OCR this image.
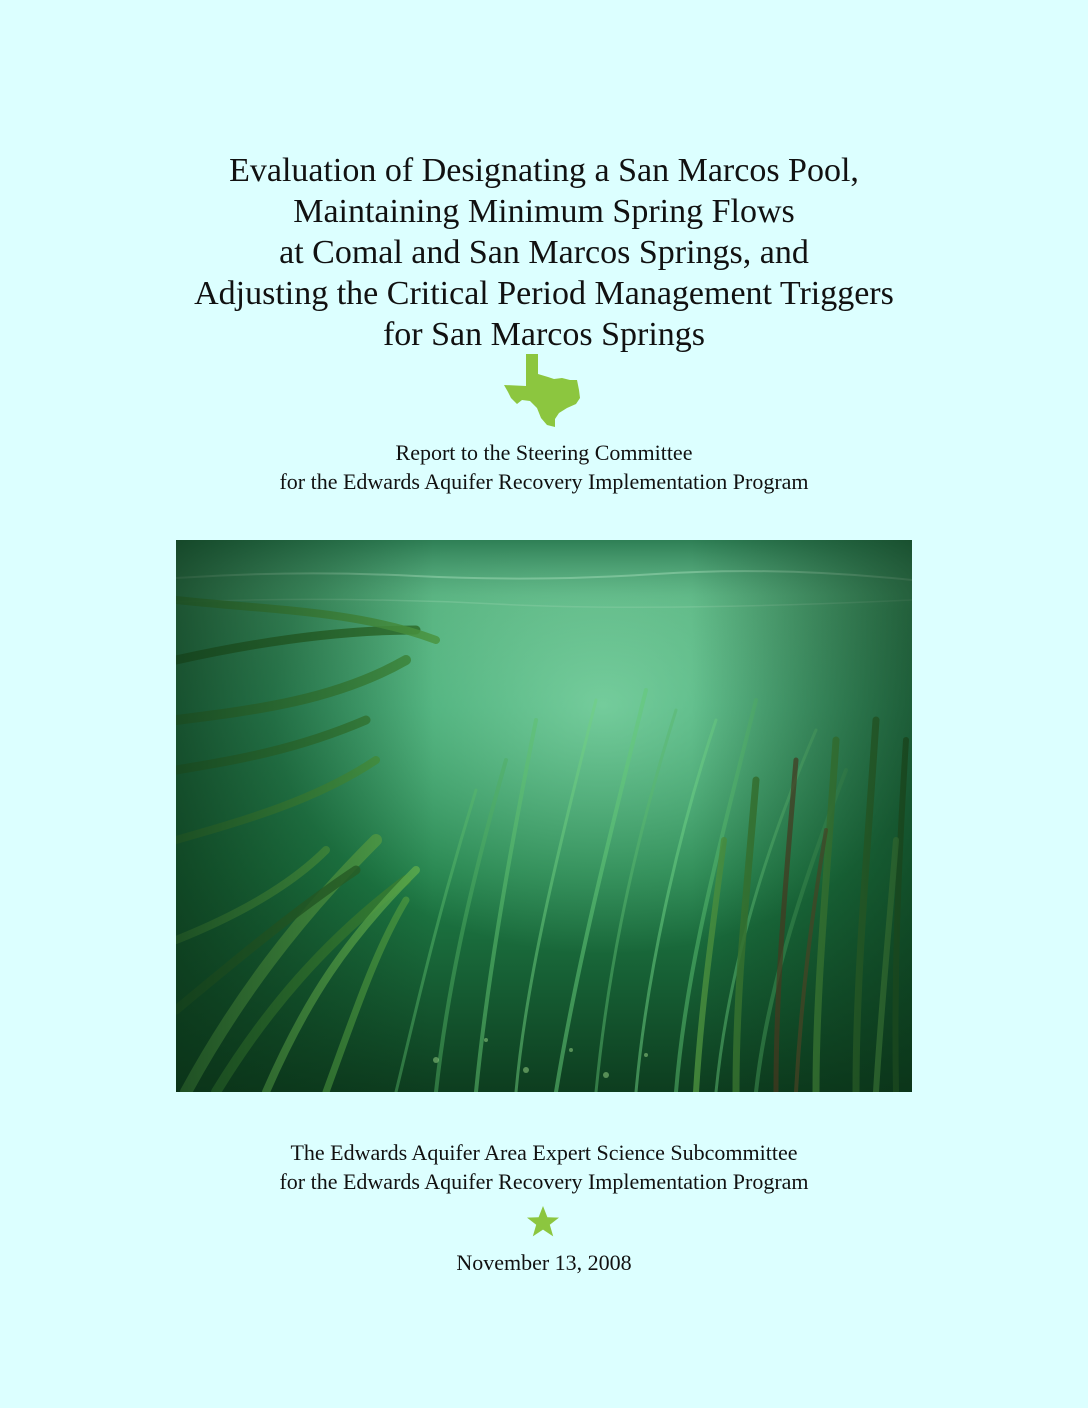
Evaluation of Designating a San Marcos Pool,
Maintaining Minimum Spring Flows
at Comal and San Marcos Springs, and
Adjusting the Critical Period Management Triggers
for San Marcos Springs
Report to the Steering Committee
for the Edwards Aquifer Recovery Implementation Program
The Edwards Aquifer Area Expert Science Subcommittee
for the Edwards Aquifer Recovery Implementation Program
November 13, 2008
